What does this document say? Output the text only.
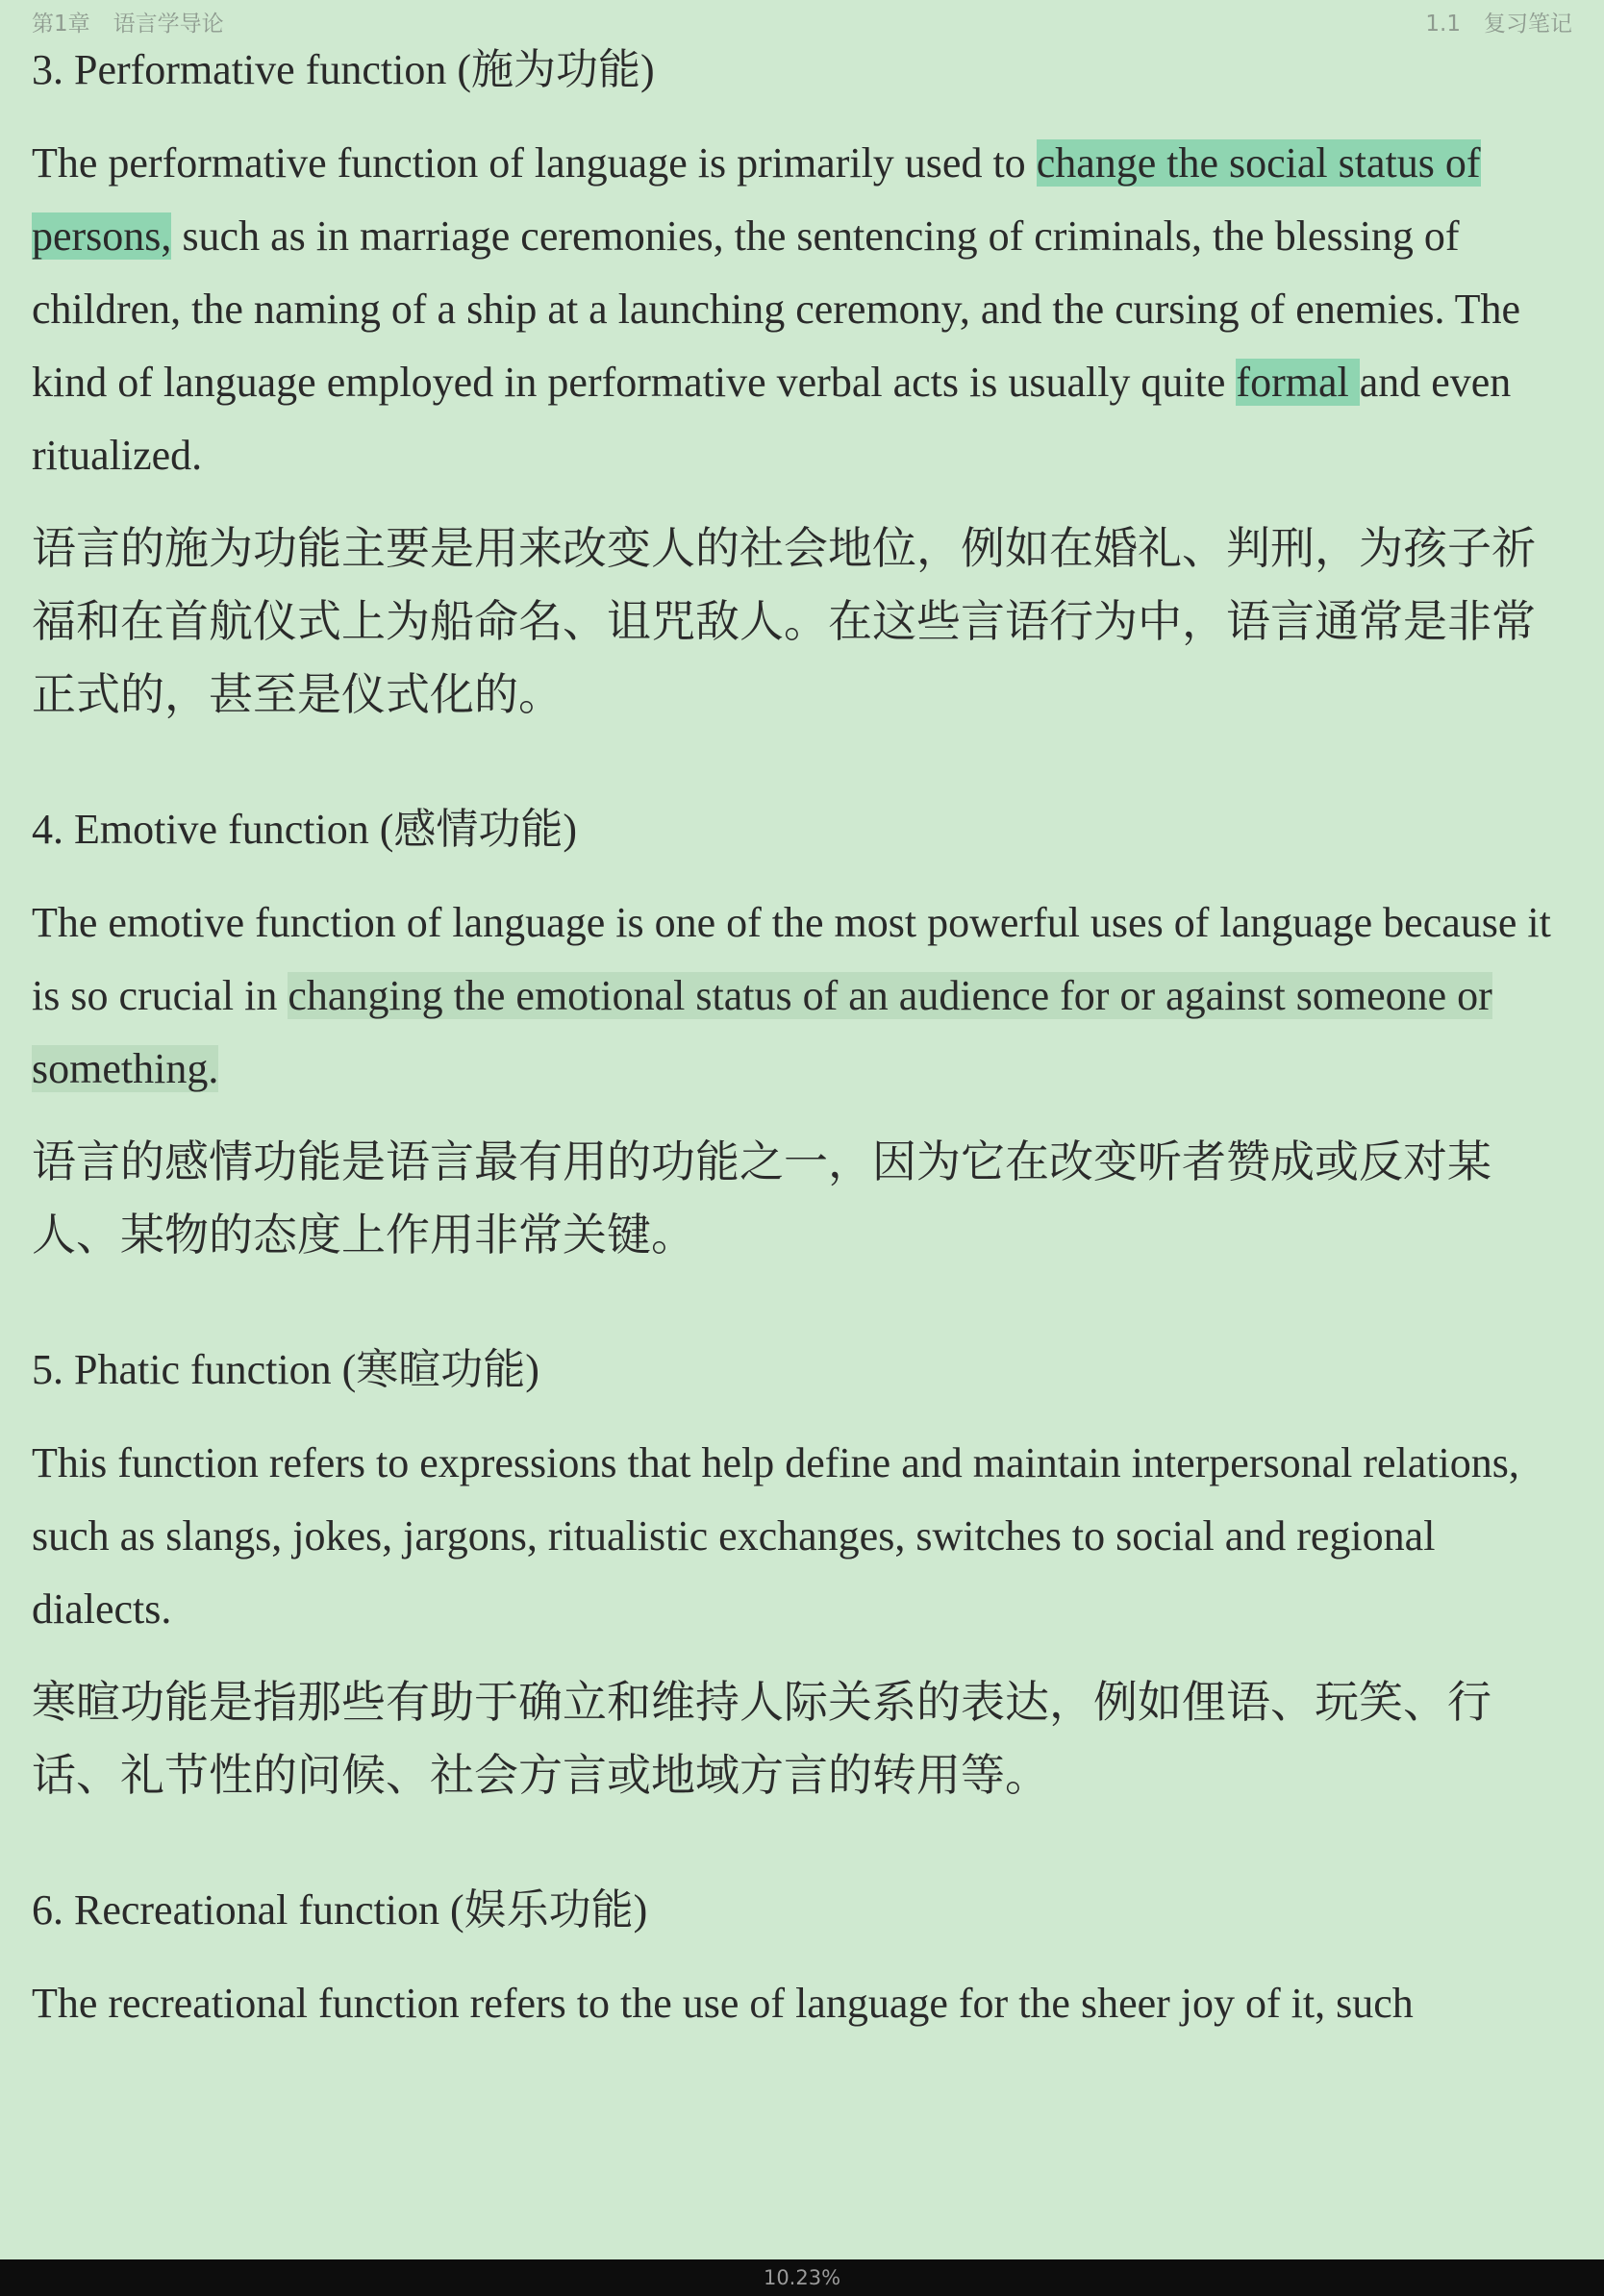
第1章 语言学导论	1.1 复习笔记
3. Performative function (施为功能)

The performative function of language is primarily used to change the social status of persons, such as in marriage ceremonies, the sentencing of criminals, the blessing of children, the naming of a ship at a launching ceremony, and the cursing of enemies. The kind of language employed in performative verbal acts is usually quite formal and even ritualized.

语言的施为功能主要是用来改变人的社会地位，例如在婚礼、判刑，为孩子祈福和在首航仪式上为船命名、诅咒敌人。在这些言语行为中，语言通常是非常正式的，甚至是仪式化的。

4. Emotive function (感情功能)

The emotive function of language is one of the most powerful uses of language because it is so crucial in changing the emotional status of an audience for or against someone or something.

语言的感情功能是语言最有用的功能之一，因为它在改变听者赞成或反对某人、某物的态度上作用非常关键。

5. Phatic function (寒暄功能)

This function refers to expressions that help define and maintain interpersonal relations, such as slangs, jokes, jargons, ritualistic exchanges, switches to social and regional dialects.

寒暄功能是指那些有助于确立和维持人际关系的表达，例如俚语、玩笑、行话、礼节性的问候、社会方言或地域方言的转用等。

6. Recreational function (娱乐功能)

The recreational function refers to the use of language for the sheer joy of it, such

10.23%
